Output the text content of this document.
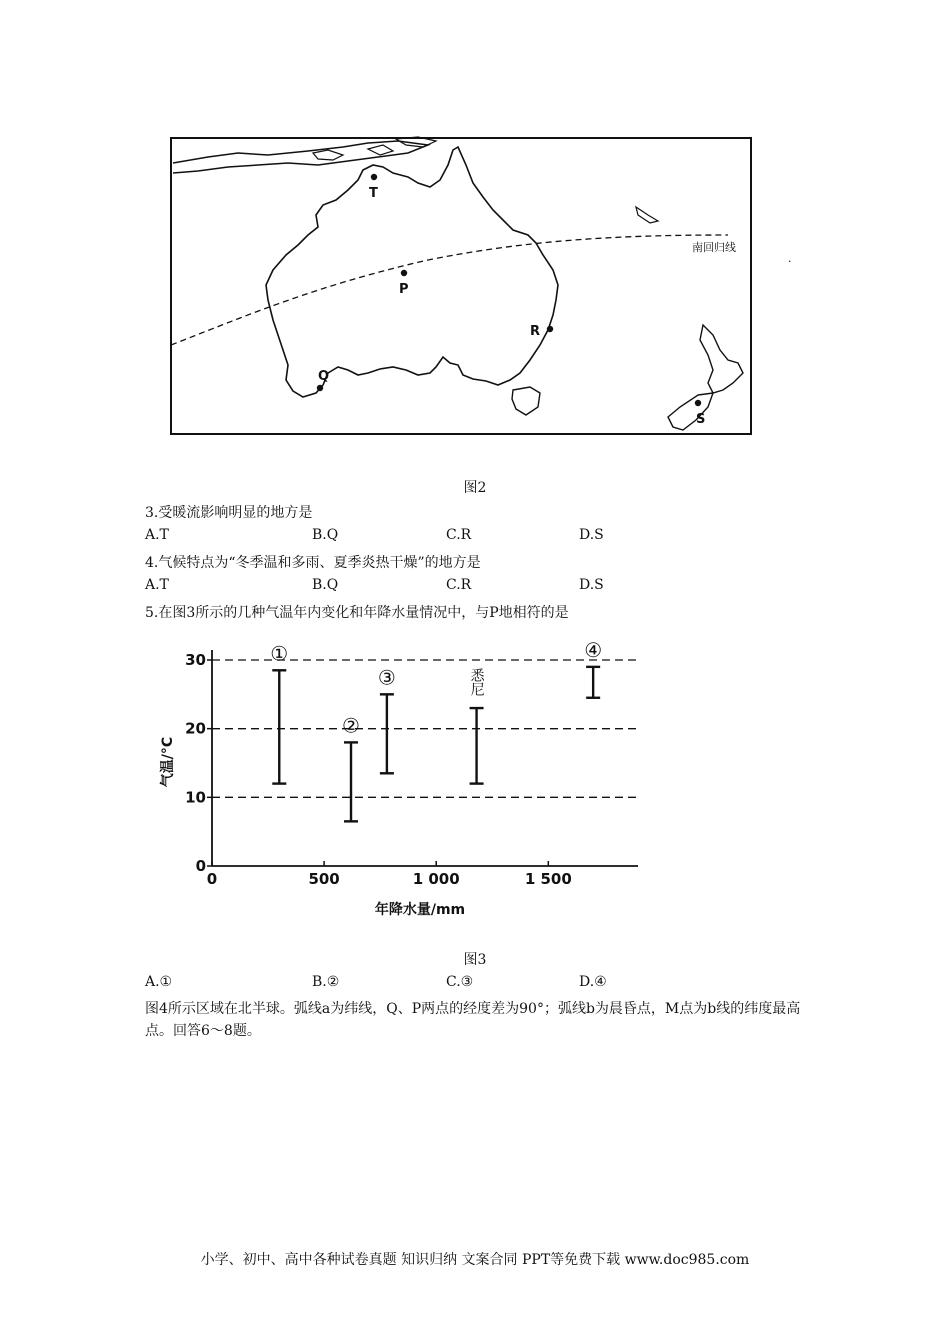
南回归线
·
T
P
R
Q
S
图2
3.受暖流影响明显的地方是
A.T	B.Q	C.R	D.S
4.气候特点为“冬季温和多雨、夏季炎热干燥”的地方是
A.T	B.Q	C.R	D.S
5.在图3所示的几种气温年内变化和年降水量情况中，与P地相符的是
0
10
20
30
0	500	1 000	1 500
①
②
③	悉尼
④
气温/°C
年降水量/mm
图3
A.①	B.②	C.③	D.④
图4所示区域在北半球。弧线a为纬线，Q、P两点的经度差为90°；弧线b为晨昏点，M点为b线的纬度最高点。回答6～8题。
小学、初中、高中各种试卷真题 知识归纳 文案合同 PPT等免费下载 www.doc985.com
